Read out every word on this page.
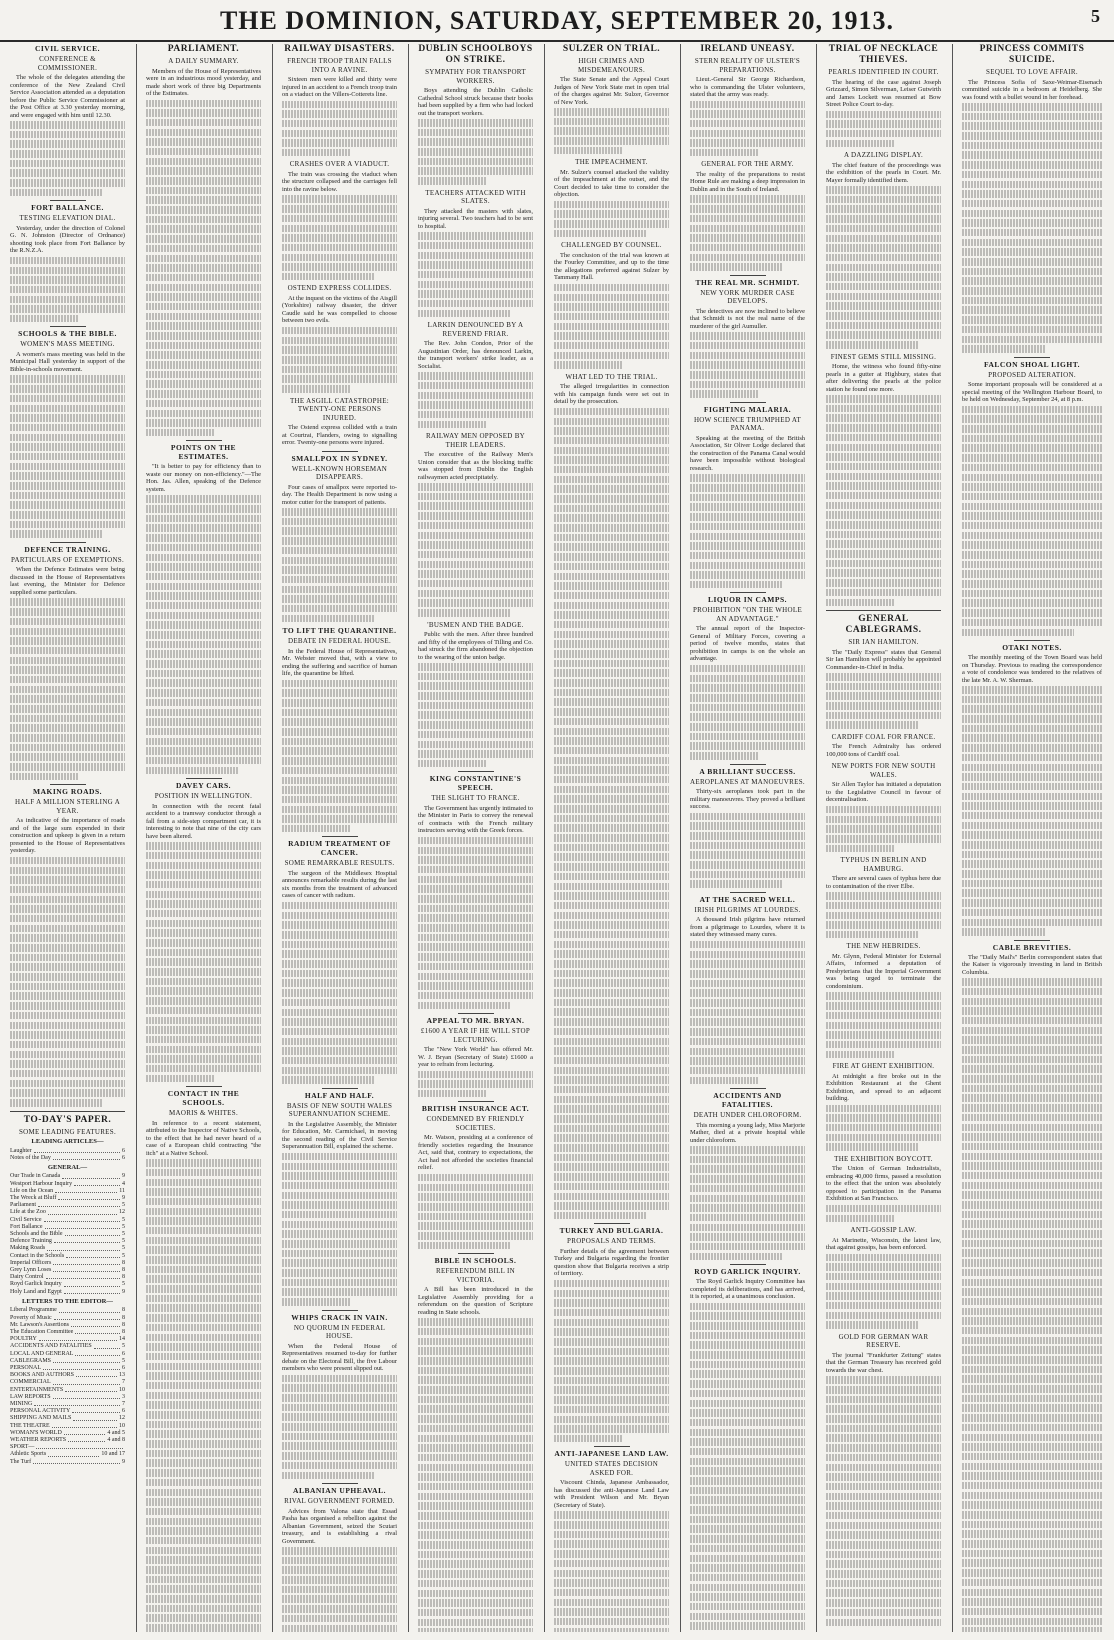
THE DOMINION, SATURDAY, SEPTEMBER 20, 1913.	5
CIVIL SERVICE.
CONFERENCE & COMMISSIONER.
The whole of the delegates attending the conference of the New Zealand Civil Service Association attended as a deputation before the Public Service Commissioner at the Post Office at 3.30 yesterday morning, and were engaged with him until 12.30.
FORT BALLANCE.
TESTING ELEVATION DIAL.
Yesterday, under the direction of Colonel G. N. Johnston (Director of Ordnance) shooting took place from Fort Ballance by the R.N.Z.A.
SCHOOLS & THE BIBLE.
WOMEN'S MASS MEETING.
A women's mass meeting was held in the Municipal Hall yesterday in support of the Bible-in-schools movement.
DEFENCE TRAINING.
PARTICULARS OF EXEMPTIONS.
When the Defence Estimates were being discussed in the House of Representatives last evening, the Minister for Defence supplied some particulars.
MAKING ROADS.
HALF A MILLION STERLING A YEAR.
As indicative of the importance of roads and of the large sum expended in their construction and upkeep is given in a return presented to the House of Representatives yesterday.
TO-DAY'S PAPER.
SOME LEADING FEATURES.
LEADING ARTICLES—
Laughter	6
Notes of the Day	6
GENERAL—
Our Trade in Canada	9
Westport Harbour Inquiry	4
Life on the Ocean	11
The Wreck at Bluff	9
Parliament	5
Life at the Zoo	12
Civil Service	5
Fort Ballance	5
Schools and the Bible	5
Defence Training	5
Making Roads	5
Contact in the Schools	5
Imperial Officers	8
Grey Lynn Loses	8
Dairy Control	8
Royd Garlick Inquiry	5
Holy Land and Egypt	9
LETTERS TO THE EDITOR—
Liberal Programme	8
Poverty of Music	8
Mr. Lawson's Assertions	8
The Education Committee	8
POULTRY	14
ACCIDENTS AND FATALITIES	5
LOCAL AND GENERAL	6
CABLEGRAMS	5
PERSONAL	6
BOOKS AND AUTHORS	13
COMMERCIAL	7
ENTERTAINMENTS	10
LAW REPORTS	3
MINING	7
PERSONAL ACTIVITY	6
SHIPPING AND MAILS	12
THE THEATRE	10
WOMAN'S WORLD	4 and 5
WEATHER REPORTS	4 and 8
SPORT—
Athletic Sports	10 and 17
The Turf	9
PARLIAMENT.
A DAILY SUMMARY.
Members of the House of Representatives were in an industrious mood yesterday, and made short work of three big Departments of the Estimates.
POINTS ON THE ESTIMATES.
"It is better to pay for efficiency than to waste our money on non-efficiency."—The Hon. Jas. Allen, speaking of the Defence system.
DAVEY CARS.
POSITION IN WELLINGTON.
In connection with the recent fatal accident to a tramway conductor through a fall from a side-step compartment car, it is interesting to note that nine of the city cars have been altered.
CONTACT IN THE SCHOOLS.
MAORIS & WHITES.
In reference to a recent statement, attributed to the Inspector of Native Schools, to the effect that he had never heard of a case of a European child contracting "the itch" at a Native School.
RAILWAY DISASTERS.
FRENCH TROOP TRAIN FALLS INTO A RAVINE.
Sixteen men were killed and thirty were injured in an accident to a French troop train on a viaduct on the Villers-Cotterets line.
CRASHES OVER A VIADUCT.
The train was crossing the viaduct when the structure collapsed and the carriages fell into the ravine below.
OSTEND EXPRESS COLLIDES.
At the inquest on the victims of the Aisgill (Yorkshire) railway disaster, the driver Caudle said he was compelled to choose between two evils.
THE ASGILL CATASTROPHE: TWENTY-ONE PERSONS INJURED.
The Ostend express collided with a train at Courtrai, Flanders, owing to signalling error. Twenty-one persons were injured.
SMALLPOX IN SYDNEY.
WELL-KNOWN HORSEMAN DISAPPEARS.
Four cases of smallpox were reported to-day. The Health Department is now using a motor cutter for the transport of patients.
TO LIFT THE QUARANTINE.
DEBATE IN FEDERAL HOUSE.
In the Federal House of Representatives, Mr. Webster moved that, with a view to ending the suffering and sacrifice of human life, the quarantine be lifted.
RADIUM TREATMENT OF CANCER.
SOME REMARKABLE RESULTS.
The surgeon of the Middlesex Hospital announces remarkable results during the last six months from the treatment of advanced cases of cancer with radium.
HALF AND HALF.
BASIS OF NEW SOUTH WALES SUPERANNUATION SCHEME.
In the Legislative Assembly, the Minister for Education, Mr. Carmichael, in moving the second reading of the Civil Service Superannuation Bill, explained the scheme.
WHIPS CRACK IN VAIN.
NO QUORUM IN FEDERAL HOUSE.
When the Federal House of Representatives resumed to-day for further debate on the Electoral Bill, the five Labour members who were present slipped out.
ALBANIAN UPHEAVAL.
RIVAL GOVERNMENT FORMED.
Advices from Valona state that Essad Pasha has organised a rebellion against the Albanian Government, seized the Scutari treasury, and is establishing a rival Government.
DUBLIN SCHOOLBOYS ON STRIKE.
SYMPATHY FOR TRANSPORT WORKERS.
Boys attending the Dublin Catholic Cathedral School struck because their books had been supplied by a firm who had locked out the transport workers.
TEACHERS ATTACKED WITH SLATES.
They attacked the masters with slates, injuring several. Two teachers had to be sent to hospital.
LARKIN DENOUNCED BY A REVEREND FRIAR.
The Rev. John Condon, Prior of the Augustinian Order, has denounced Larkin, the transport workers' strike leader, as a Socialist.
RAILWAY MEN OPPOSED BY THEIR LEADERS.
The executive of the Railway Men's Union consider that as the blocking traffic was stopped from Dublin the English railwaymen acted precipitately.
'BUSMEN AND THE BADGE.
Public with the men. After three hundred and fifty of the employees of Tilling and Co. had struck the firm abandoned the objection to the wearing of the union badge.
KING CONSTANTINE'S SPEECH.
THE SLIGHT TO FRANCE.
The Government has urgently intimated to the Minister in Paris to convey the renewal of contracts with the French military instructors serving with the Greek forces.
APPEAL TO MR. BRYAN.
£1600 A YEAR IF HE WILL STOP LECTURING.
The "New York World" has offered Mr. W. J. Bryan (Secretary of State) £1600 a year to refrain from lecturing.
BRITISH INSURANCE ACT.
CONDEMNED BY FRIENDLY SOCIETIES.
Mr. Watson, presiding at a conference of friendly societies regarding the Insurance Act, said that, contrary to expectations, the Act had not afforded the societies financial relief.
BIBLE IN SCHOOLS.
REFERENDUM BILL IN VICTORIA.
A Bill has been introduced in the Legislative Assembly providing for a referendum on the question of Scripture reading in State schools.
SULZER ON TRIAL.
HIGH CRIMES AND MISDEMEANOURS.
The State Senate and the Appeal Court Judges of New York State met in open trial of the charges against Mr. Sulzer, Governor of New York.
THE IMPEACHMENT.
Mr. Sulzer's counsel attacked the validity of the impeachment at the outset, and the Court decided to take time to consider the objection.
CHALLENGED BY COUNSEL.
The conclusion of the trial was known at the Fourley Committee, and up to the time the allegations preferred against Sulzer by Tammany Hall.
WHAT LED TO THE TRIAL.
The alleged irregularities in connection with his campaign funds were set out in detail by the prosecution.
TURKEY AND BULGARIA.
PROPOSALS AND TERMS.
Further details of the agreement between Turkey and Bulgaria regarding the frontier question show that Bulgaria receives a strip of territory.
ANTI-JAPANESE LAND LAW.
UNITED STATES DECISION ASKED FOR.
Viscount Chinda, Japanese Ambassador, has discussed the anti-Japanese Land Law with President Wilson and Mr. Bryan (Secretary of State).
IRELAND UNEASY.
STERN REALITY OF ULSTER'S PREPARATIONS.
Lieut.-General Sir George Richardson, who is commanding the Ulster volunteers, stated that the army was ready.
GENERAL FOR THE ARMY.
The reality of the preparations to resist Home Rule are making a deep impression in Dublin and in the South of Ireland.
THE REAL MR. SCHMIDT.
NEW YORK MURDER CASE DEVELOPS.
The detectives are now inclined to believe that Schmidt is not the real name of the murderer of the girl Aumuller.
FIGHTING MALARIA.
HOW SCIENCE TRIUMPHED AT PANAMA.
Speaking at the meeting of the British Association, Sir Oliver Lodge declared that the construction of the Panama Canal would have been impossible without biological research.
LIQUOR IN CAMPS.
PROHIBITION "ON THE WHOLE AN ADVANTAGE."
The annual report of the Inspector-General of Military Forces, covering a period of twelve months, states that prohibition in camps is on the whole an advantage.
A BRILLIANT SUCCESS.
AEROPLANES AT MANOEUVRES.
Thirty-six aeroplanes took part in the military manoeuvres. They proved a brilliant success.
AT THE SACRED WELL.
IRISH PILGRIMS AT LOURDES.
A thousand Irish pilgrims have returned from a pilgrimage to Lourdes, where it is stated they witnessed many cures.
ACCIDENTS AND FATALITIES.
DEATH UNDER CHLOROFORM.
This morning a young lady, Miss Marjorie Mather, died at a private hospital while under chloroform.
ROYD GARLICK INQUIRY.
The Royd Garlick Inquiry Committee has completed its deliberations, and has arrived, it is reported, at a unanimous conclusion.
TRIAL OF NECKLACE THIEVES.
PEARLS IDENTIFIED IN COURT.
The hearing of the case against Joseph Grizzard, Simon Silverman, Leiser Gutwirth and James Lockett was resumed at Bow Street Police Court to-day.
A DAZZLING DISPLAY.
The chief feature of the proceedings was the exhibition of the pearls in Court. Mr. Mayer formally identified them.
FINEST GEMS STILL MISSING.
Home, the witness who found fifty-nine pearls in a gutter at Highbury, states that after delivering the pearls at the police station he found one more.
GENERAL CABLEGRAMS.
SIR IAN HAMILTON.
The "Daily Express" states that General Sir Ian Hamilton will probably be appointed Commander-in-Chief in India.
CARDIFF COAL FOR FRANCE.
The French Admiralty has ordered 100,000 tons of Cardiff coal.
NEW PORTS FOR NEW SOUTH WALES.
Sir Allen Taylor has initiated a deputation to the Legislative Council in favour of decentralisation.
TYPHUS IN BERLIN AND HAMBURG.
There are several cases of typhus here due to contamination of the river Elbe.
THE NEW HEBRIDES.
Mr. Glynn, Federal Minister for External Affairs, informed a deputation of Presbyterians that the Imperial Government was being urged to terminate the condominium.
FIRE AT GHENT EXHIBITION.
At midnight a fire broke out in the Exhibition Restaurant at the Ghent Exhibition, and spread to an adjacent building.
THE EXHIBITION BOYCOTT.
The Union of German Industrialists, embracing 40,000 firms, passed a resolution to the effect that the union was absolutely opposed to participation in the Panama Exhibition at San Francisco.
ANTI-GOSSIP LAW.
At Marinette, Wisconsin, the latest law, that against gossips, has been enforced.
GOLD FOR GERMAN WAR RESERVE.
The journal "Frankfurter Zeitung" states that the German Treasury has received gold towards the war chest.
PRINCESS COMMITS SUICIDE.
SEQUEL TO LOVE AFFAIR.
The Princess Sofia of Saxe-Weimar-Eisenach committed suicide in a bedroom at Heidelberg. She was found with a bullet wound in her forehead.
FALCON SHOAL LIGHT.
PROPOSED ALTERATION.
Some important proposals will be considered at a special meeting of the Wellington Harbour Board, to be held on Wednesday, September 24, at 8 p.m.
OTAKI NOTES.
The monthly meeting of the Town Board was held on Thursday. Previous to reading the correspondence a vote of condolence was tendered to the relatives of the late Mr. A. W. Sherman.
CABLE BREVITIES.
The "Daily Mail's" Berlin correspondent states that the Kaiser is vigorously investing in land in British Columbia.
